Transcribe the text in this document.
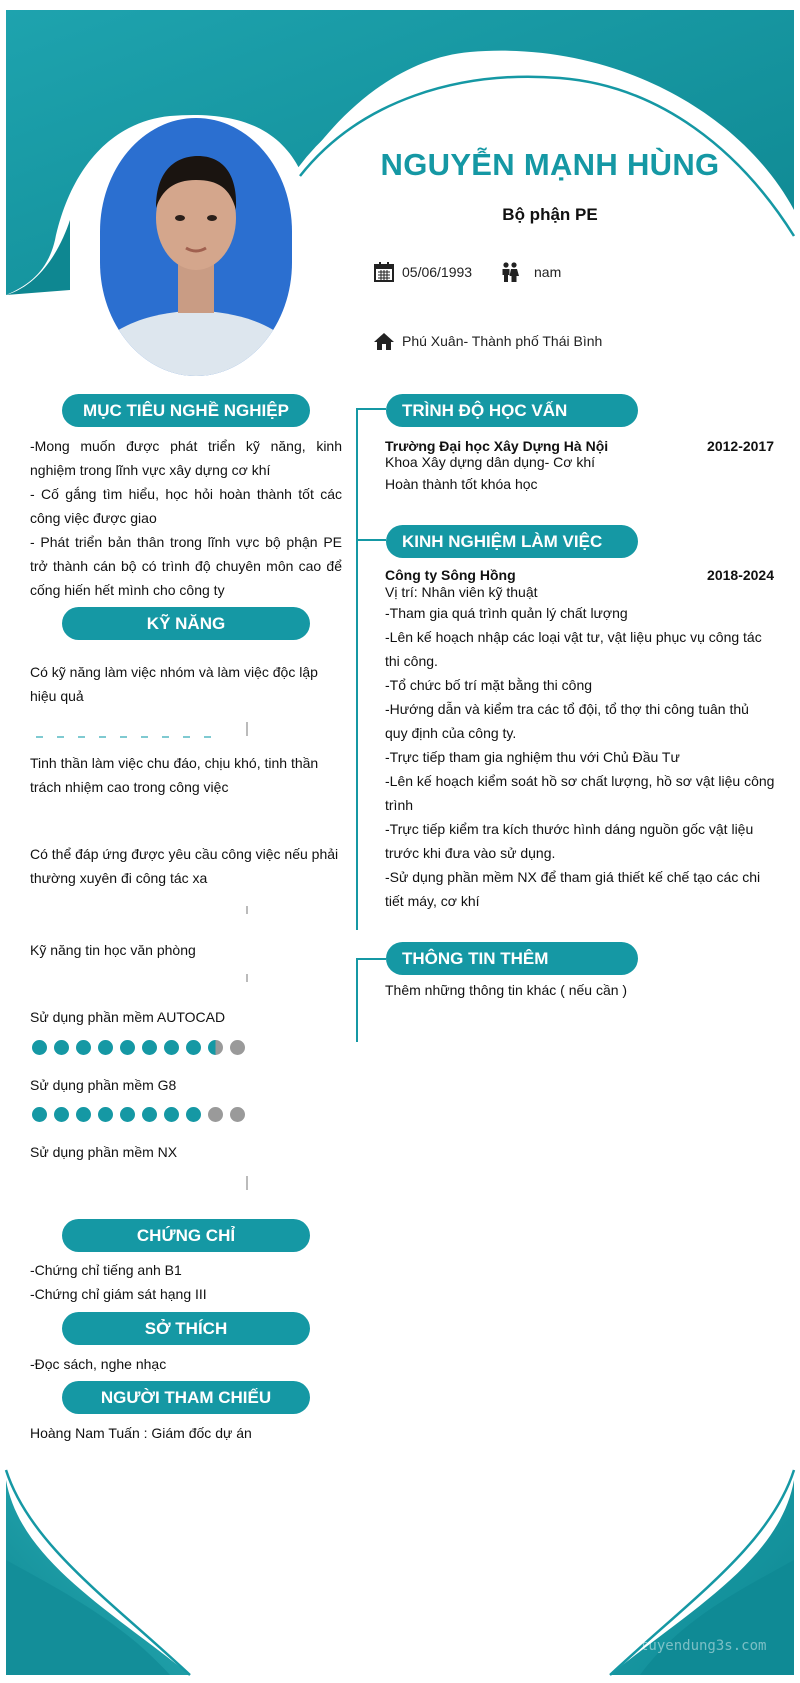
NGUYỄN MẠNH HÙNG
Bộ phận PE
05/06/1993	nam
Phú Xuân- Thành phố Thái Bình
MỤC TIÊU NGHỀ NGHIỆP
-Mong muốn được phát triển kỹ năng, kinh nghiệm trong lĩnh vực xây dựng cơ khí
- Cố gắng tìm hiểu, học hỏi hoàn thành tốt các công việc được giao
- Phát triển bản thân trong lĩnh vực bộ phận PE trở thành cán bộ có trình độ chuyên môn cao để cống hiến hết mình cho công ty
KỸ NĂNG
Có kỹ năng làm việc nhóm và làm việc độc lập hiệu quả
Tinh thần làm việc chu đáo, chịu khó, tinh thần trách nhiệm cao trong công việc
Có thể đáp ứng được yêu cầu công việc nếu phải thường xuyên đi công tác xa
Kỹ năng tin học văn phòng
Sử dụng phần mềm AUTOCAD
Sử dụng phần mềm G8
Sử dụng phần mềm NX
CHỨNG CHỈ
-Chứng chỉ tiếng anh B1
-Chứng chỉ giám sát hạng III
SỞ THÍCH
-Đọc sách, nghe nhạc
NGƯỜI THAM CHIẾU
Hoàng Nam Tuấn : Giám đốc dự án
TRÌNH ĐỘ HỌC VẤN
Trường Đại học Xây Dựng Hà Nội	2012-2017
Khoa Xây dựng dân dụng- Cơ khí
Hoàn thành tốt khóa học
KINH NGHIỆM LÀM VIỆC
Công ty Sông Hồng	2018-2024
Vị trí: Nhân viên kỹ thuật
-Tham gia quá trình quản lý chất lượng
-Lên kế hoạch nhập các loại vật tư, vật liệu phục vụ công tác thi công.
-Tổ chức bố trí mặt bằng thi công
-Hướng dẫn và kiểm tra các tổ đội, tổ thợ thi công tuân thủ quy định của công ty.
-Trực tiếp tham gia nghiệm thu với Chủ Đầu Tư
-Lên kế hoạch kiểm soát hồ sơ chất lượng, hồ sơ vật liệu công trình
-Trực tiếp kiểm tra kích thước hình dáng nguồn gốc vật liệu trước khi đưa vào sử dụng.
-Sử dụng phần mềm NX để tham giá thiết kế chế tạo các chi tiết máy, cơ khí
THÔNG TIN THÊM
Thêm những thông tin khác ( nếu cần )
tuyendung3s.com
